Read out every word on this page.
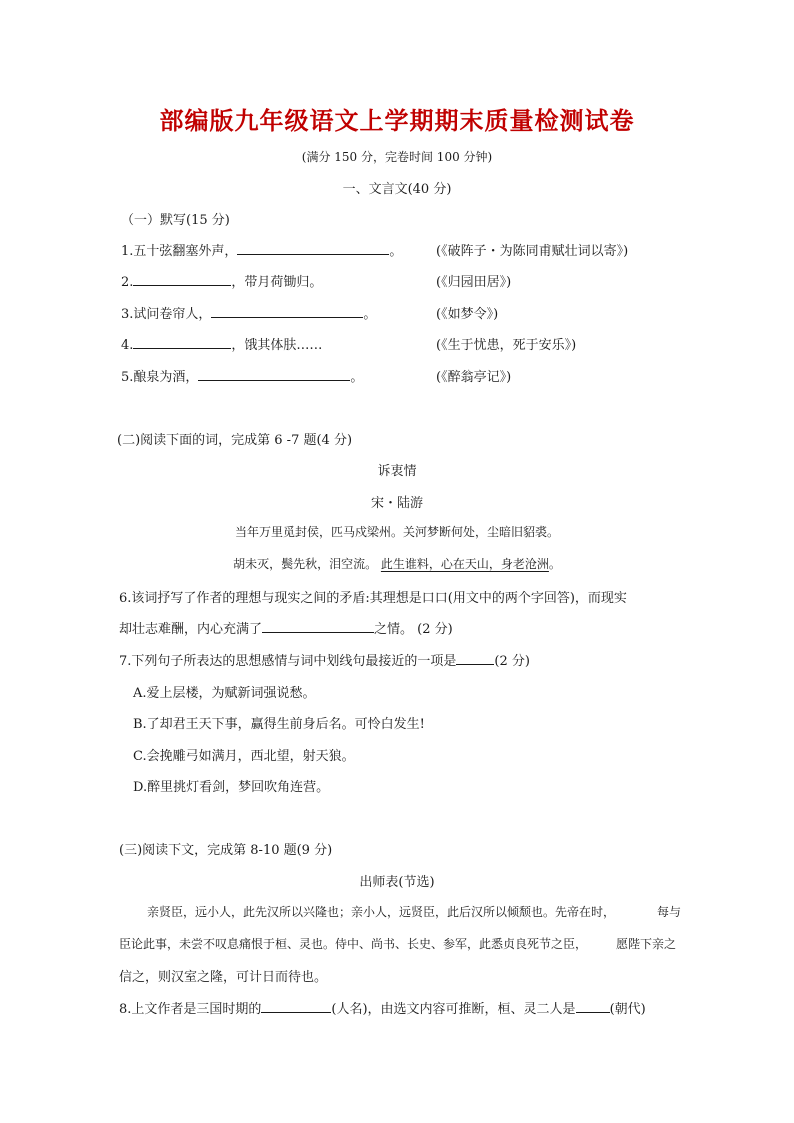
部编版九年级语文上学期期末质量检测试卷
(满分 150 分，完卷时间 100 分钟)
一、文言文(40 分)
（一）默写(15 分)
1.五十弦翻塞外声，	。	(《破阵子・为陈同甫赋壮词以寄》)
2.	，带月荷锄归。	(《归园田居》)
3.试问卷帘人，	。	(《如梦令》)
4.	，饿其体肤……	(《生于忧患，死于安乐》)
5.酿泉为酒，	。	(《醉翁亭记》)
(二)阅读下面的词，完成第 6 -7 题(4 分)
诉衷情
宋・陆游
当年万里觅封侯，匹马戍梁州。关河梦断何处，尘暗旧貂裘。
胡未灭，鬓先秋，泪空流。 此生谁料，心在天山，身老沧洲。
6.该词抒写了作者的理想与现实之间的矛盾:其理想是口口(用文中的两个字回答)，而现实
却壮志难酬，内心充满了	之情。 (2 分)
7.下列句子所表达的思想感情与词中划线句最接近的一项是	(2 分)
A.爱上层楼，为赋新词强说愁。
B.了却君王天下事，赢得生前身后名。可怜白发生!
C.会挽雕弓如满月，西北望，射天狼。
D.醉里挑灯看剑，梦回吹角连营。
(三)阅读下文，完成第 8-10 题(9 分)
出师表(节选)
亲贤臣，远小人，此先汉所以兴隆也；亲小人，远贤臣，此后汉所以倾颓也。先帝在时，	每与
臣论此事，未尝不叹息痛恨于桓、灵也。侍中、尚书、长史、参军，此悉贞良死节之臣， 愿陛下亲之
信之，则汉室之隆，可计日而待也。
8.上文作者是三国时期的	(人名)，由选文内容可推断，桓、灵二人是	(朝代)
